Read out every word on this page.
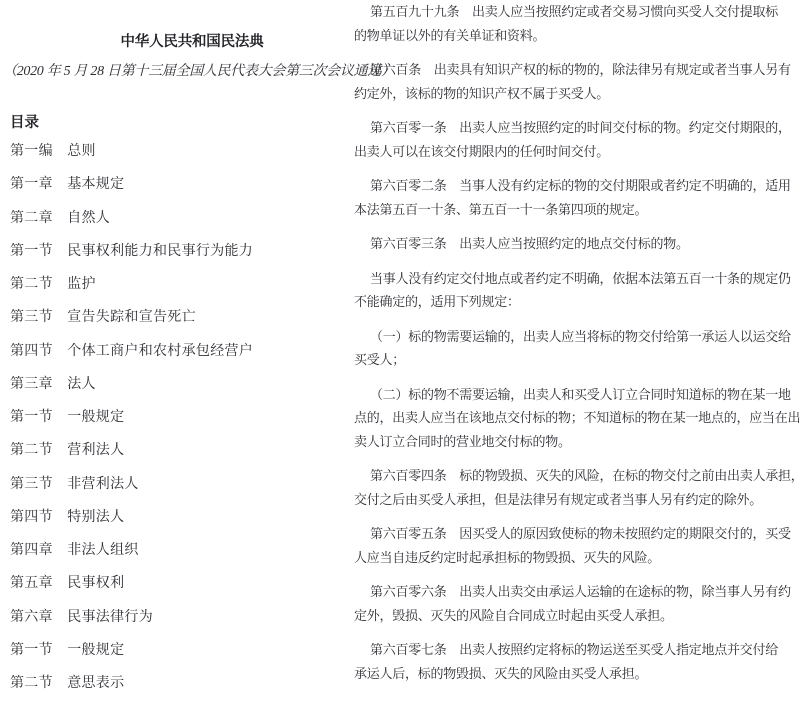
中华人民共和国民法典
（2020 年 5 月 28 日第十三届全国人民代表大会第三次会议通过）
目录
第一编　总则
第一章　基本规定
第二章　自然人
第一节　民事权利能力和民事行为能力
第二节　监护
第三节　宣告失踪和宣告死亡
第四节　个体工商户和农村承包经营户
第三章　法人
第一节　一般规定
第二节　营利法人
第三节　非营利法人
第四节　特别法人
第四章　非法人组织
第五章　民事权利
第六章　民事法律行为
第一节　一般规定
第二节　意思表示
第五百九十九条　出卖人应当按照约定或者交易习惯向买受人交付提取标
的物单证以外的有关单证和资料。
第六百条　出卖具有知识产权的标的物的，除法律另有规定或者当事人另有
约定外，该标的物的知识产权不属于买受人。
第六百零一条　出卖人应当按照约定的时间交付标的物。约定交付期限的，
出卖人可以在该交付期限内的任何时间交付。
第六百零二条　当事人没有约定标的物的交付期限或者约定不明确的，适用
本法第五百一十条、第五百一十一条第四项的规定。
第六百零三条　出卖人应当按照约定的地点交付标的物。
当事人没有约定交付地点或者约定不明确，依据本法第五百一十条的规定仍
不能确定的，适用下列规定：
（一）标的物需要运输的，出卖人应当将标的物交付给第一承运人以运交给
买受人；
（二）标的物不需要运输，出卖人和买受人订立合同时知道标的物在某一地
点的，出卖人应当在该地点交付标的物；不知道标的物在某一地点的，应当在出
卖人订立合同时的营业地交付标的物。
第六百零四条　标的物毁损、灭失的风险，在标的物交付之前由出卖人承担，
交付之后由买受人承担，但是法律另有规定或者当事人另有约定的除外。
第六百零五条　因买受人的原因致使标的物未按照约定的期限交付的，买受
人应当自违反约定时起承担标的物毁损、灭失的风险。
第六百零六条　出卖人出卖交由承运人运输的在途标的物，除当事人另有约
定外，毁损、灭失的风险自合同成立时起由买受人承担。
第六百零七条　出卖人按照约定将标的物运送至买受人指定地点并交付给
承运人后，标的物毁损、灭失的风险由买受人承担。
